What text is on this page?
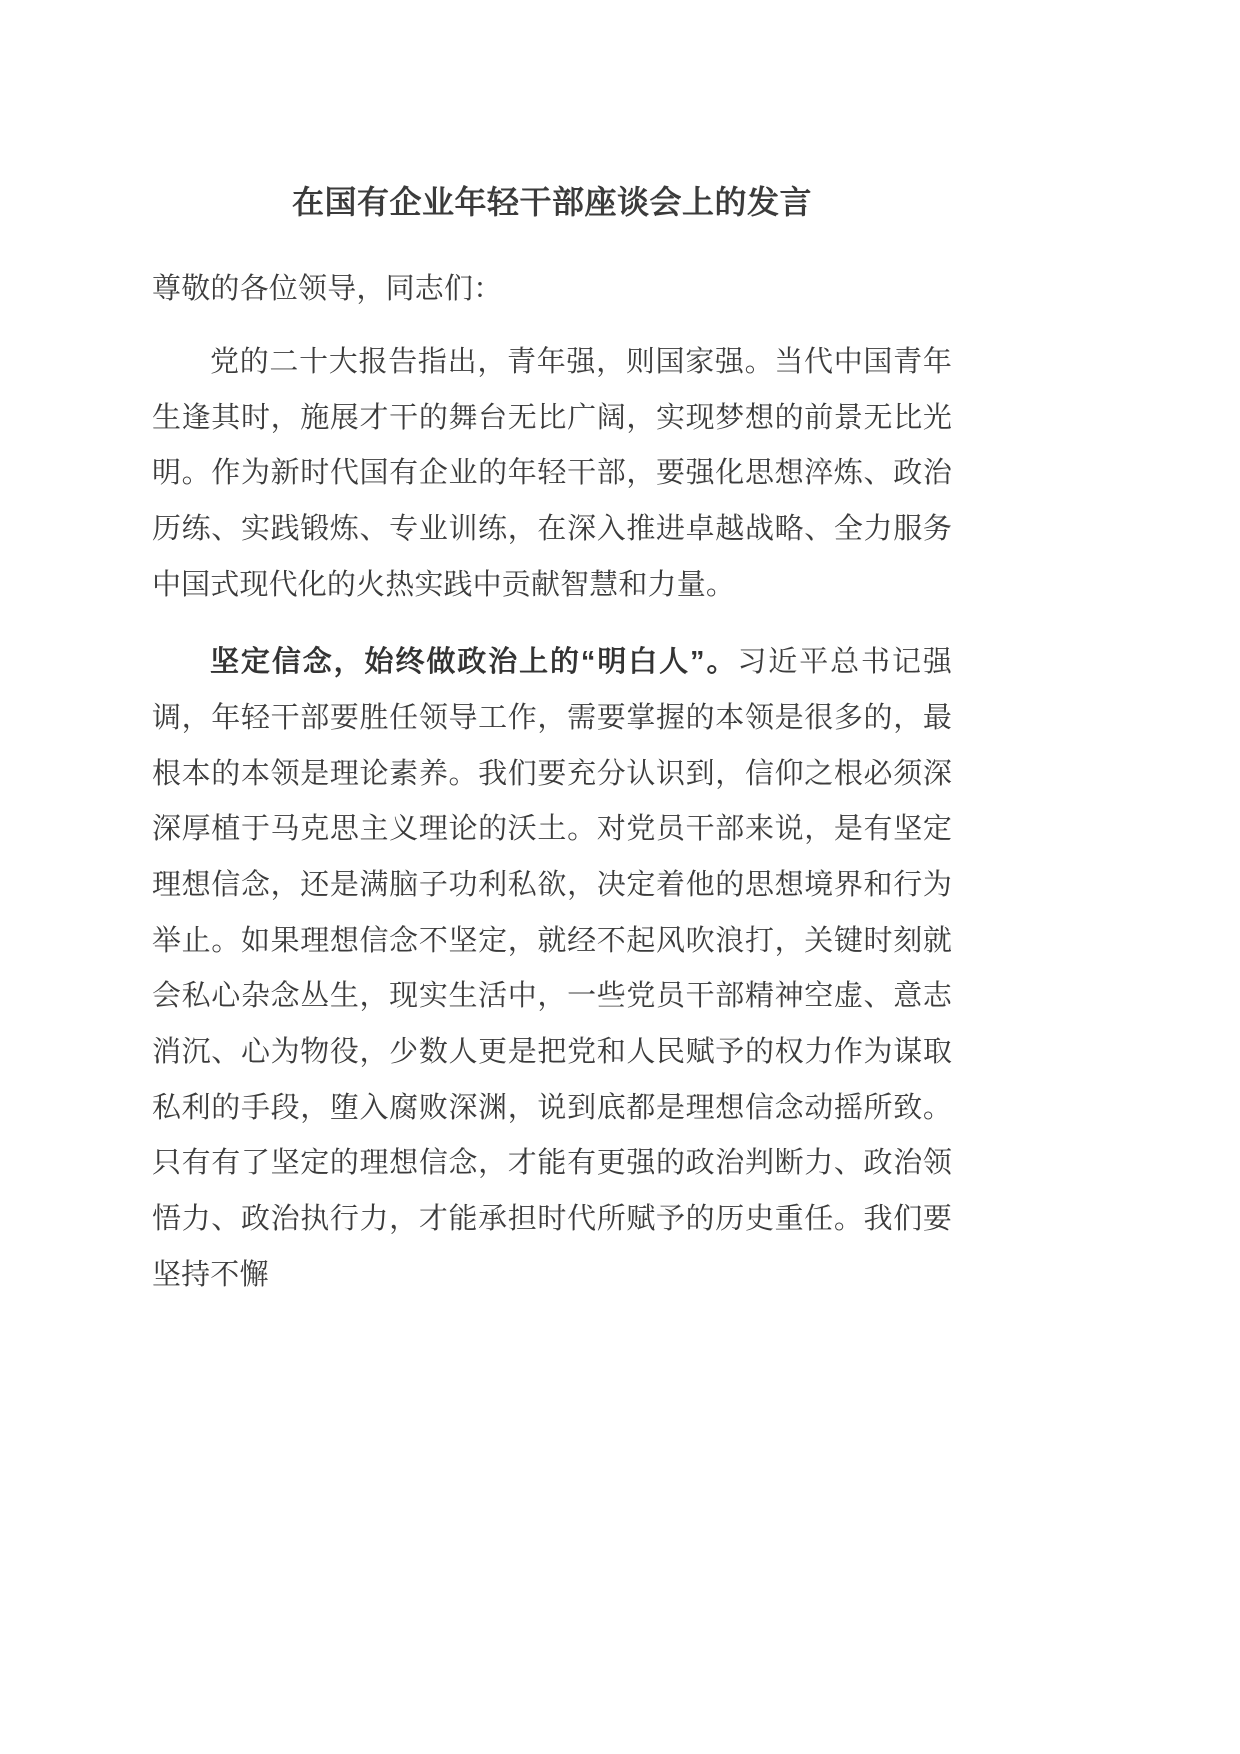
在国有企业年轻干部座谈会上的发言

尊敬的各位领导，同志们：

党的二十大报告指出，青年强，则国家强。当代中国青年生逢其时，施展才干的舞台无比广阔，实现梦想的前景无比光明。作为新时代国有企业的年轻干部，要强化思想淬炼、政治历练、实践锻炼、专业训练，在深入推进卓越战略、全力服务中国式现代化的火热实践中贡献智慧和力量。

坚定信念，始终做政治上的“明白人”。习近平总书记强调，年轻干部要胜任领导工作，需要掌握的本领是很多的，最根本的本领是理论素养。我们要充分认识到，信仰之根必须深深厚植于马克思主义理论的沃土。对党员干部来说，是有坚定理想信念，还是满脑子功利私欲，决定着他的思想境界和行为举止。如果理想信念不坚定，就经不起风吹浪打，关键时刻就会私心杂念丛生，现实生活中，一些党员干部精神空虚、意志消沉、心为物役，少数人更是把党和人民赋予的权力作为谋取私利的手段，堕入腐败深渊，说到底都是理想信念动摇所致。只有有了坚定的理想信念，才能有更强的政治判断力、政治领悟力、政治执行力，才能承担时代所赋予的历史重任。我们要坚持不懈
